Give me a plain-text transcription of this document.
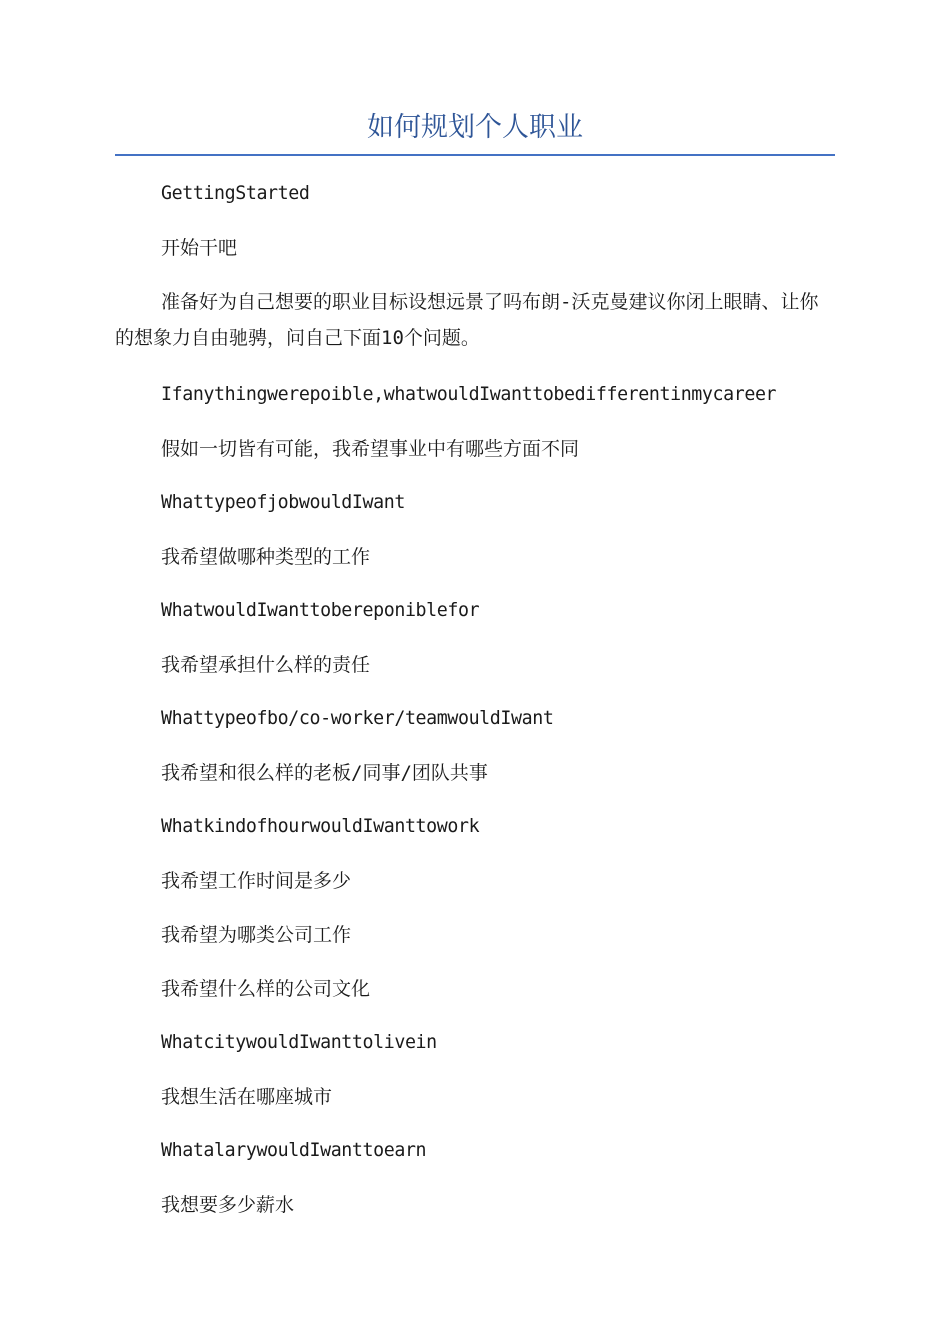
如何规划个人职业
GettingStarted
开始干吧
准备好为自己想要的职业目标设想远景了吗布朗-沃克曼建议你闭上眼睛、让你的想象力自由驰骋，问自己下面10个问题。
Ifanythingwerepoible,whatwouldIwanttobedifferentinmycareer
假如一切皆有可能，我希望事业中有哪些方面不同
WhattypeofjobwouldIwant
我希望做哪种类型的工作
WhatwouldIwanttobereponiblefor
我希望承担什么样的责任
Whattypeofbo/co-worker/teamwouldIwant
我希望和很么样的老板/同事/团队共事
WhatkindofhourwouldIwanttowork
我希望工作时间是多少
我希望为哪类公司工作
我希望什么样的公司文化
WhatcitywouldIwanttolivein
我想生活在哪座城市
WhatalarywouldIwanttoearn
我想要多少薪水
